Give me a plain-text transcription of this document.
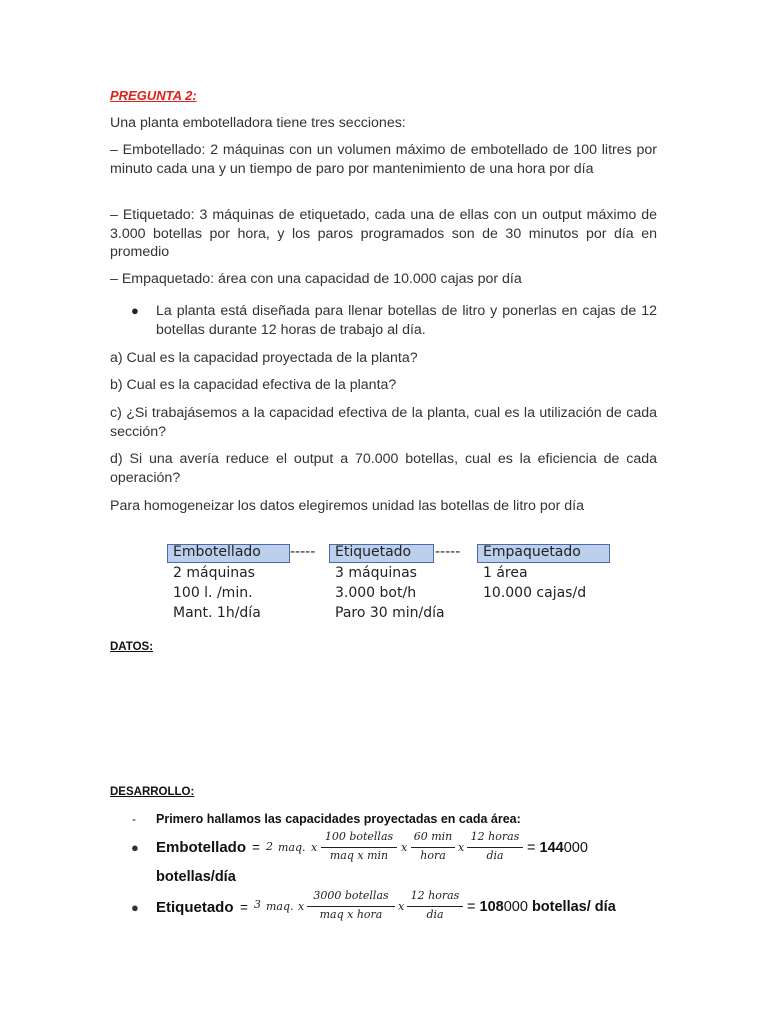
PREGUNTA 2:

Una planta embotelladora tiene tres secciones:

– Embotellado: 2 máquinas con un volumen máximo de embotellado de 100 litres por minuto cada una y un tiempo de paro por mantenimiento de una hora por día

– Etiquetado: 3 máquinas de etiquetado, cada una de ellas con un output máximo de 3.000 botellas por hora, y los paros programados son de 30 minutos por día en promedio

– Empaquetado: área con una capacidad de 10.000 cajas por día

● La planta está diseñada para llenar botellas de litro y ponerlas en cajas de 12 botellas durante 12 horas de trabajo al día.

a) Cual es la capacidad proyectada de la planta?

b) Cual es la capacidad efectiva de la planta?

c) ¿Si trabajásemos a la capacidad efectiva de la planta, cual es la utilización de cada sección?

d) Si una avería reduce el output a 70.000 botellas, cual es la eficiencia de cada operación?

Para homogeneizar los datos elegiremos unidad las botellas de litro por día

Embotellado ----- Etiquetado ----- Empaquetado
2 máquinas	3 máquinas	1 área
100 l. /min.	3.000 bot/h	10.000 cajas/d
Mant. 1h/día	Paro 30 min/día
DATOS:
DESARROLLO:
- Primero hallamos las capacidades proyectadas en cada área:
● Embotellado = 2 maq. x
100 botellas
maq x min
x
60 min
hora
x
12 horas
dia	= 144000
botellas/día
● Etiquetado = 3 maq. x
3000 botellas
maq x hora
x
12 horas
dia	= 108000 botellas/ día
